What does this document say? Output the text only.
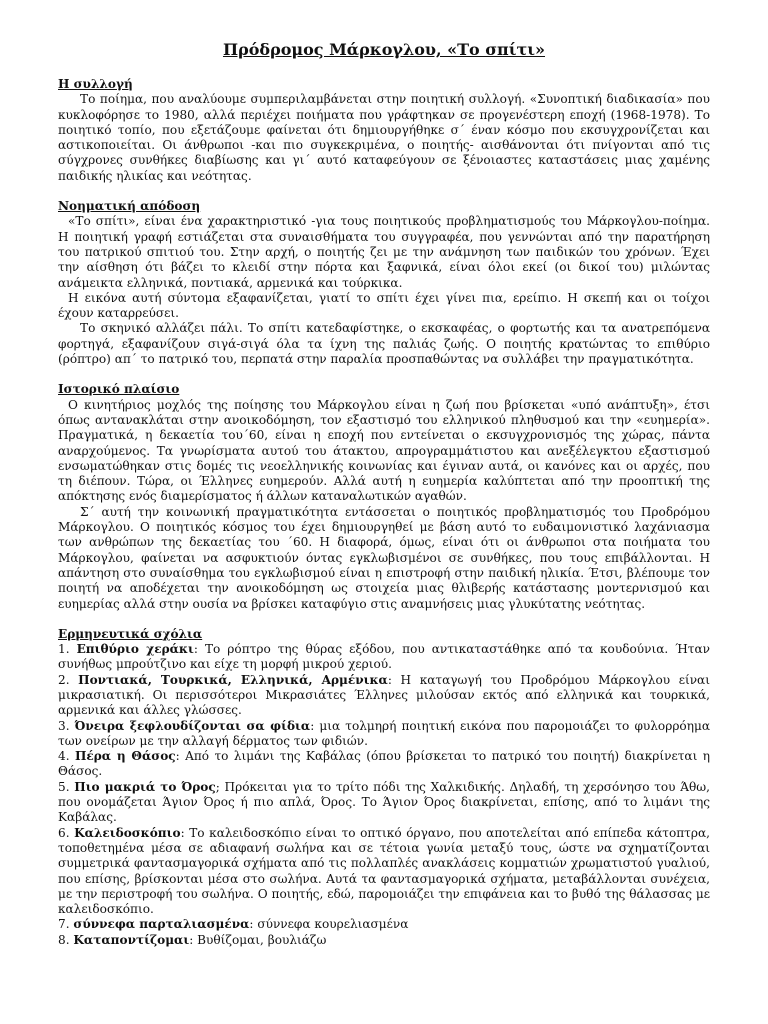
Πρόδρομος Μάρκογλου, «Το σπίτι»
Η συλλογή

Το ποίημα, που αναλύουμε συμπεριλαμβάνεται στην ποιητική συλλογή. «Συνοπτική διαδικασία» που κυκλοφόρησε το 1980, αλλά περιέχει ποιήματα που γράφτηκαν σε προγενέστερη εποχή (1968-1978). Το ποιητικό τοπίο, που εξετάζουμε φαίνεται ότι δημιουργήθηκε σ΄ έναν κόσμο που εκσυγχρονίζεται και αστικοποιείται. Οι άνθρωποι -και πιο συγκεκριμένα, ο ποιητής- αισθάνονται ότι πνίγονται από τις σύγχρονες συνθήκες διαβίωσης και γι΄ αυτό καταφεύγουν σε ξένοιαστες καταστάσεις μιας χαμένης παιδικής ηλικίας και νεότητας.

Νοηματική απόδοση

«Το σπίτι», είναι ένα χαρακτηριστικό -για τους ποιητικούς προβληματισμούς του Μάρκογλου-ποίημα. Η ποιητική γραφή εστιάζεται στα συναισθήματα του συγγραφέα, που γεννώνται από την παρατήρηση του πατρικού σπιτιού του. Στην αρχή, ο ποιητής ζει με την ανάμνηση των παιδικών του χρόνων. Έχει την αίσθηση ότι βάζει το κλειδί στην πόρτα και ξαφνικά, είναι όλοι εκεί (οι δικοί του) μιλώντας ανάμεικτα ελληνικά, ποντιακά, αρμενικά και τούρκικα.

Η εικόνα αυτή σύντομα εξαφανίζεται, γιατί το σπίτι έχει γίνει πια, ερείπιο. Η σκεπή και οι τοίχοι έχουν καταρρεύσει.

Το σκηνικό αλλάζει πάλι. Το σπίτι κατεδαφίστηκε, ο εκσκαφέας, ο φορτωτής και τα ανατρεπόμενα φορτηγά, εξαφανίζουν σιγά-σιγά όλα τα ίχνη της παλιάς ζωής. Ο ποιητής κρατώντας το επιθύριο (ρόπτρο) απ΄ το πατρικό του, περπατά στην παραλία προσπαθώντας να συλλάβει την πραγματικότητα.

Ιστορικό πλαίσιο

Ο κινητήριος μοχλός της ποίησης του Μάρκογλου είναι η ζωή που βρίσκεται «υπό ανάπτυξη», έτσι όπως αντανακλάται στην ανοικοδόμηση, τον εξαστισμό του ελληνικού πληθυσμού και την «ευημερία». Πραγματικά, η δεκαετία του΄60, είναι η εποχή που εντείνεται ο εκσυγχρονισμός της χώρας, πάντα αναρχούμενος. Τα γνωρίσματα αυτού του άτακτου, απρογραμμάτιστου και ανεξέλεγκτου εξαστισμού ενσωματώθηκαν στις δομές τις νεοελληνικής κοινωνίας και έγιναν αυτά, οι κανόνες και οι αρχές, που τη διέπουν. Τώρα, οι Έλληνες ευημερούν. Αλλά αυτή η ευημερία καλύπτεται από την προοπτική της απόκτησης ενός διαμερίσματος ή άλλων καταναλωτικών αγαθών.

Σ΄ αυτή την κοινωνική πραγματικότητα εντάσσεται ο ποιητικός προβληματισμός του Προδρόμου Μάρκογλου. Ο ποιητικός κόσμος του έχει δημιουργηθεί με βάση αυτό το ευδαιμονιστικό λαχάνιασμα των ανθρώπων της δεκαετίας του ΄60. Η διαφορά, όμως, είναι ότι οι άνθρωποι στα ποιήματα του Μάρκογλου, φαίνεται να ασφυκτιούν όντας εγκλωβισμένοι σε συνθήκες, που τους επιβάλλονται. Η απάντηση στο συναίσθημα του εγκλωβισμού είναι η επιστροφή στην παιδική ηλικία. Έτσι, βλέπουμε τον ποιητή να αποδέχεται την ανοικοδόμηση ως στοιχεία μιας θλιβερής κατάστασης μοντερνισμού και ευημερίας αλλά στην ουσία να βρίσκει καταφύγιο στις αναμνήσεις μιας γλυκύτατης νεότητας.

Ερμηνευτικά σχόλια

1. Επιθύριο χεράκι: Το ρόπτρο της θύρας εξόδου, που αντικαταστάθηκε από τα κουδούνια. Ήταν συνήθως μπρούτζινο και είχε τη μορφή μικρού χεριού.

2. Ποντιακά, Τουρκικά, Ελληνικά, Αρμένικα: Η καταγωγή του Προδρόμου Μάρκογλου είναι μικρασιατική. Οι περισσότεροι Μικρασιάτες Έλληνες μιλούσαν εκτός από ελληνικά και τουρκικά, αρμενικά και άλλες γλώσσες.

3. Όνειρα ξεφλουδίζονται σα φίδια: μια τολμηρή ποιητική εικόνα που παρομοιάζει το φυλορρόημα των ονείρων με την αλλαγή δέρματος των φιδιών.

4. Πέρα η Θάσος: Από το λιμάνι της Καβάλας (όπου βρίσκεται το πατρικό του ποιητή) διακρίνεται η Θάσος.

5. Πιο μακριά το Όρος; Πρόκειται για το τρίτο πόδι της Χαλκιδικής. Δηλαδή, τη χερσόνησο του Άθω, που ονομάζεται Άγιον Όρος ή πιο απλά, Όρος. Το Άγιον Όρος διακρίνεται, επίσης, από το λιμάνι της Καβάλας.

6. Καλειδοσκόπιο: Το καλειδοσκόπιο είναι το οπτικό όργανο, που αποτελείται από επίπεδα κάτοπτρα, τοποθετημένα μέσα σε αδιαφανή σωλήνα και σε τέτοια γωνία μεταξύ τους, ώστε να σχηματίζονται συμμετρικά φαντασμαγορικά σχήματα από τις πολλαπλές ανακλάσεις κομματιών χρωματιστού γυαλιού, που επίσης, βρίσκονται μέσα στο σωλήνα. Αυτά τα φαντασμαγορικά σχήματα, μεταβάλλονται συνέχεια, με την περιστροφή του σωλήνα. Ο ποιητής, εδώ, παρομοιάζει την επιφάνεια και το βυθό της θάλασσας με καλειδοσκόπιο.

7. σύννεφα παρταλιασμένα: σύννεφα κουρελιασμένα

8. Καταποντίζομαι: Βυθίζομαι, βουλιάζω
